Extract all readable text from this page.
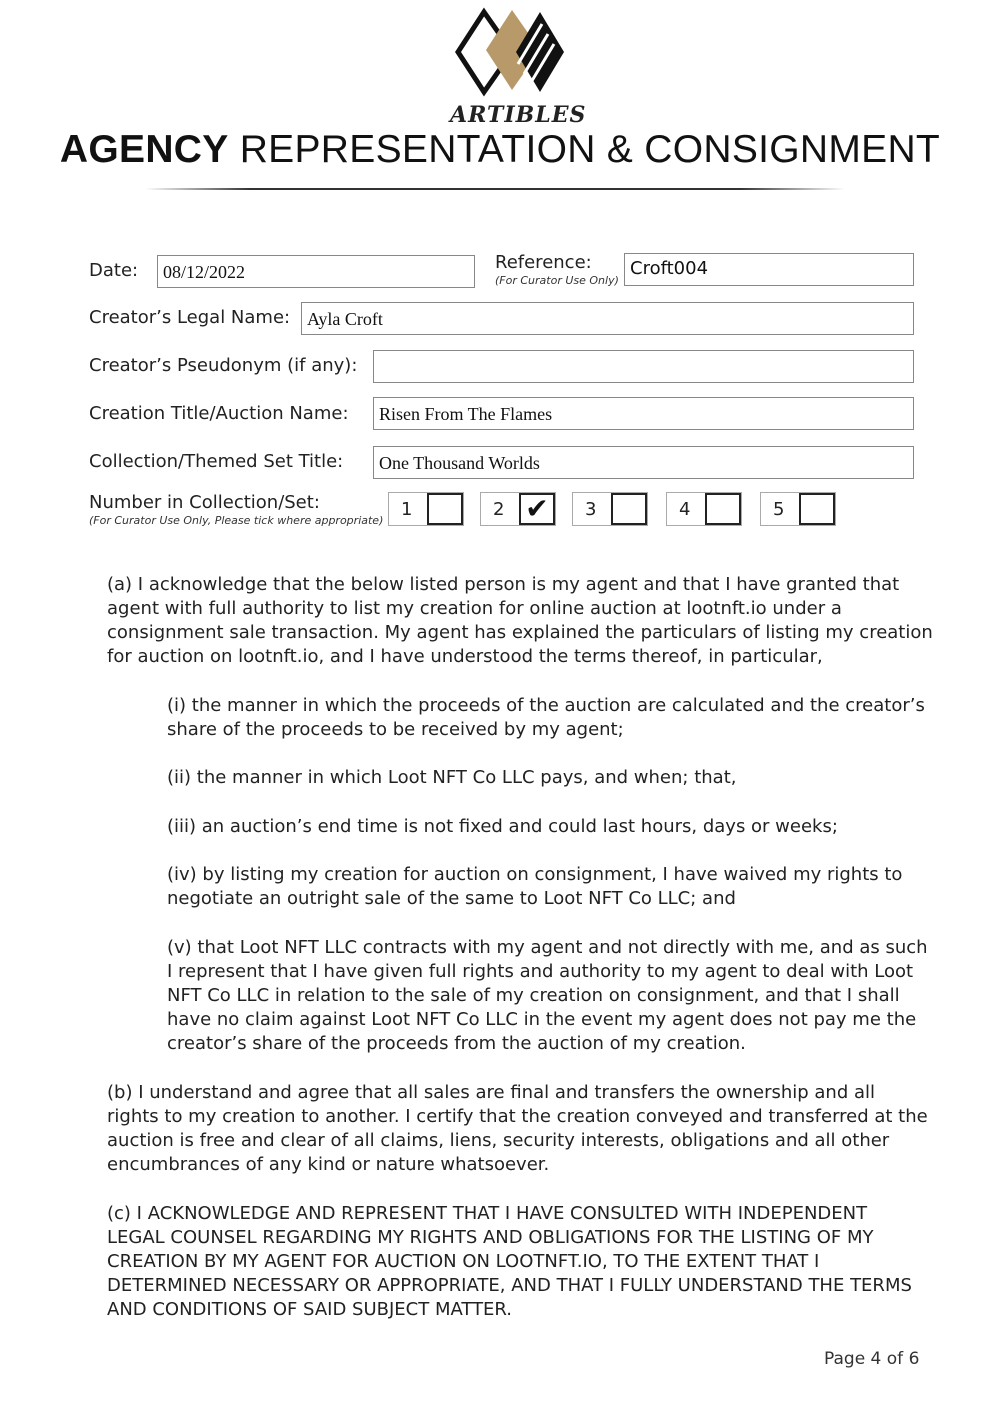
ARTIBLES
AGENCY REPRESENTATION & CONSIGNMENT
Date:	08/12/2022	Reference:
(For Curator Use Only)
Croft004
Creator’s Legal Name: Ayla Croft
Creator’s Pseudonym (if any):
Creation Title/Auction Name:	Risen From The Flames
Collection/Themed Set Title:	One Thousand Worlds
Number in Collection/Set:
(For Curator Use Only, Please tick where appropriate)
1	2 ✔	3	4	5
(a) I acknowledge that the below listed person is my agent and that I have granted that agent with full authority to list my creation for online auction at lootnft.io under a consignment sale transaction. My agent has explained the particulars of listing my creation for auction on lootnft.io, and I have understood the terms thereof, in particular,
(i) the manner in which the proceeds of the auction are calculated and the creator’s share of the proceeds to be received by my agent;
(ii) the manner in which Loot NFT Co LLC pays, and when; that,
(iii) an auction’s end time is not fixed and could last hours, days or weeks;
(iv) by listing my creation for auction on consignment, I have waived my rights to negotiate an outright sale of the same to Loot NFT Co LLC; and
(v) that Loot NFT LLC contracts with my agent and not directly with me, and as such I represent that I have given full rights and authority to my agent to deal with Loot NFT Co LLC in relation to the sale of my creation on consignment, and that I shall have no claim against Loot NFT Co LLC in the event my agent does not pay me the creator’s share of the proceeds from the auction of my creation.
(b) I understand and agree that all sales are final and transfers the ownership and all rights to my creation to another. I certify that the creation conveyed and transferred at the auction is free and clear of all claims, liens, security interests, obligations and all other encumbrances of any kind or nature whatsoever.
(c) I ACKNOWLEDGE AND REPRESENT THAT I HAVE CONSULTED WITH INDEPENDENT LEGAL COUNSEL REGARDING MY RIGHTS AND OBLIGATIONS FOR THE LISTING OF MY CREATION BY MY AGENT FOR AUCTION ON LOOTNFT.IO, TO THE EXTENT THAT I DETERMINED NECESSARY OR APPROPRIATE, AND THAT I FULLY UNDERSTAND THE TERMS AND CONDITIONS OF SAID SUBJECT MATTER.
Page 4 of 6
